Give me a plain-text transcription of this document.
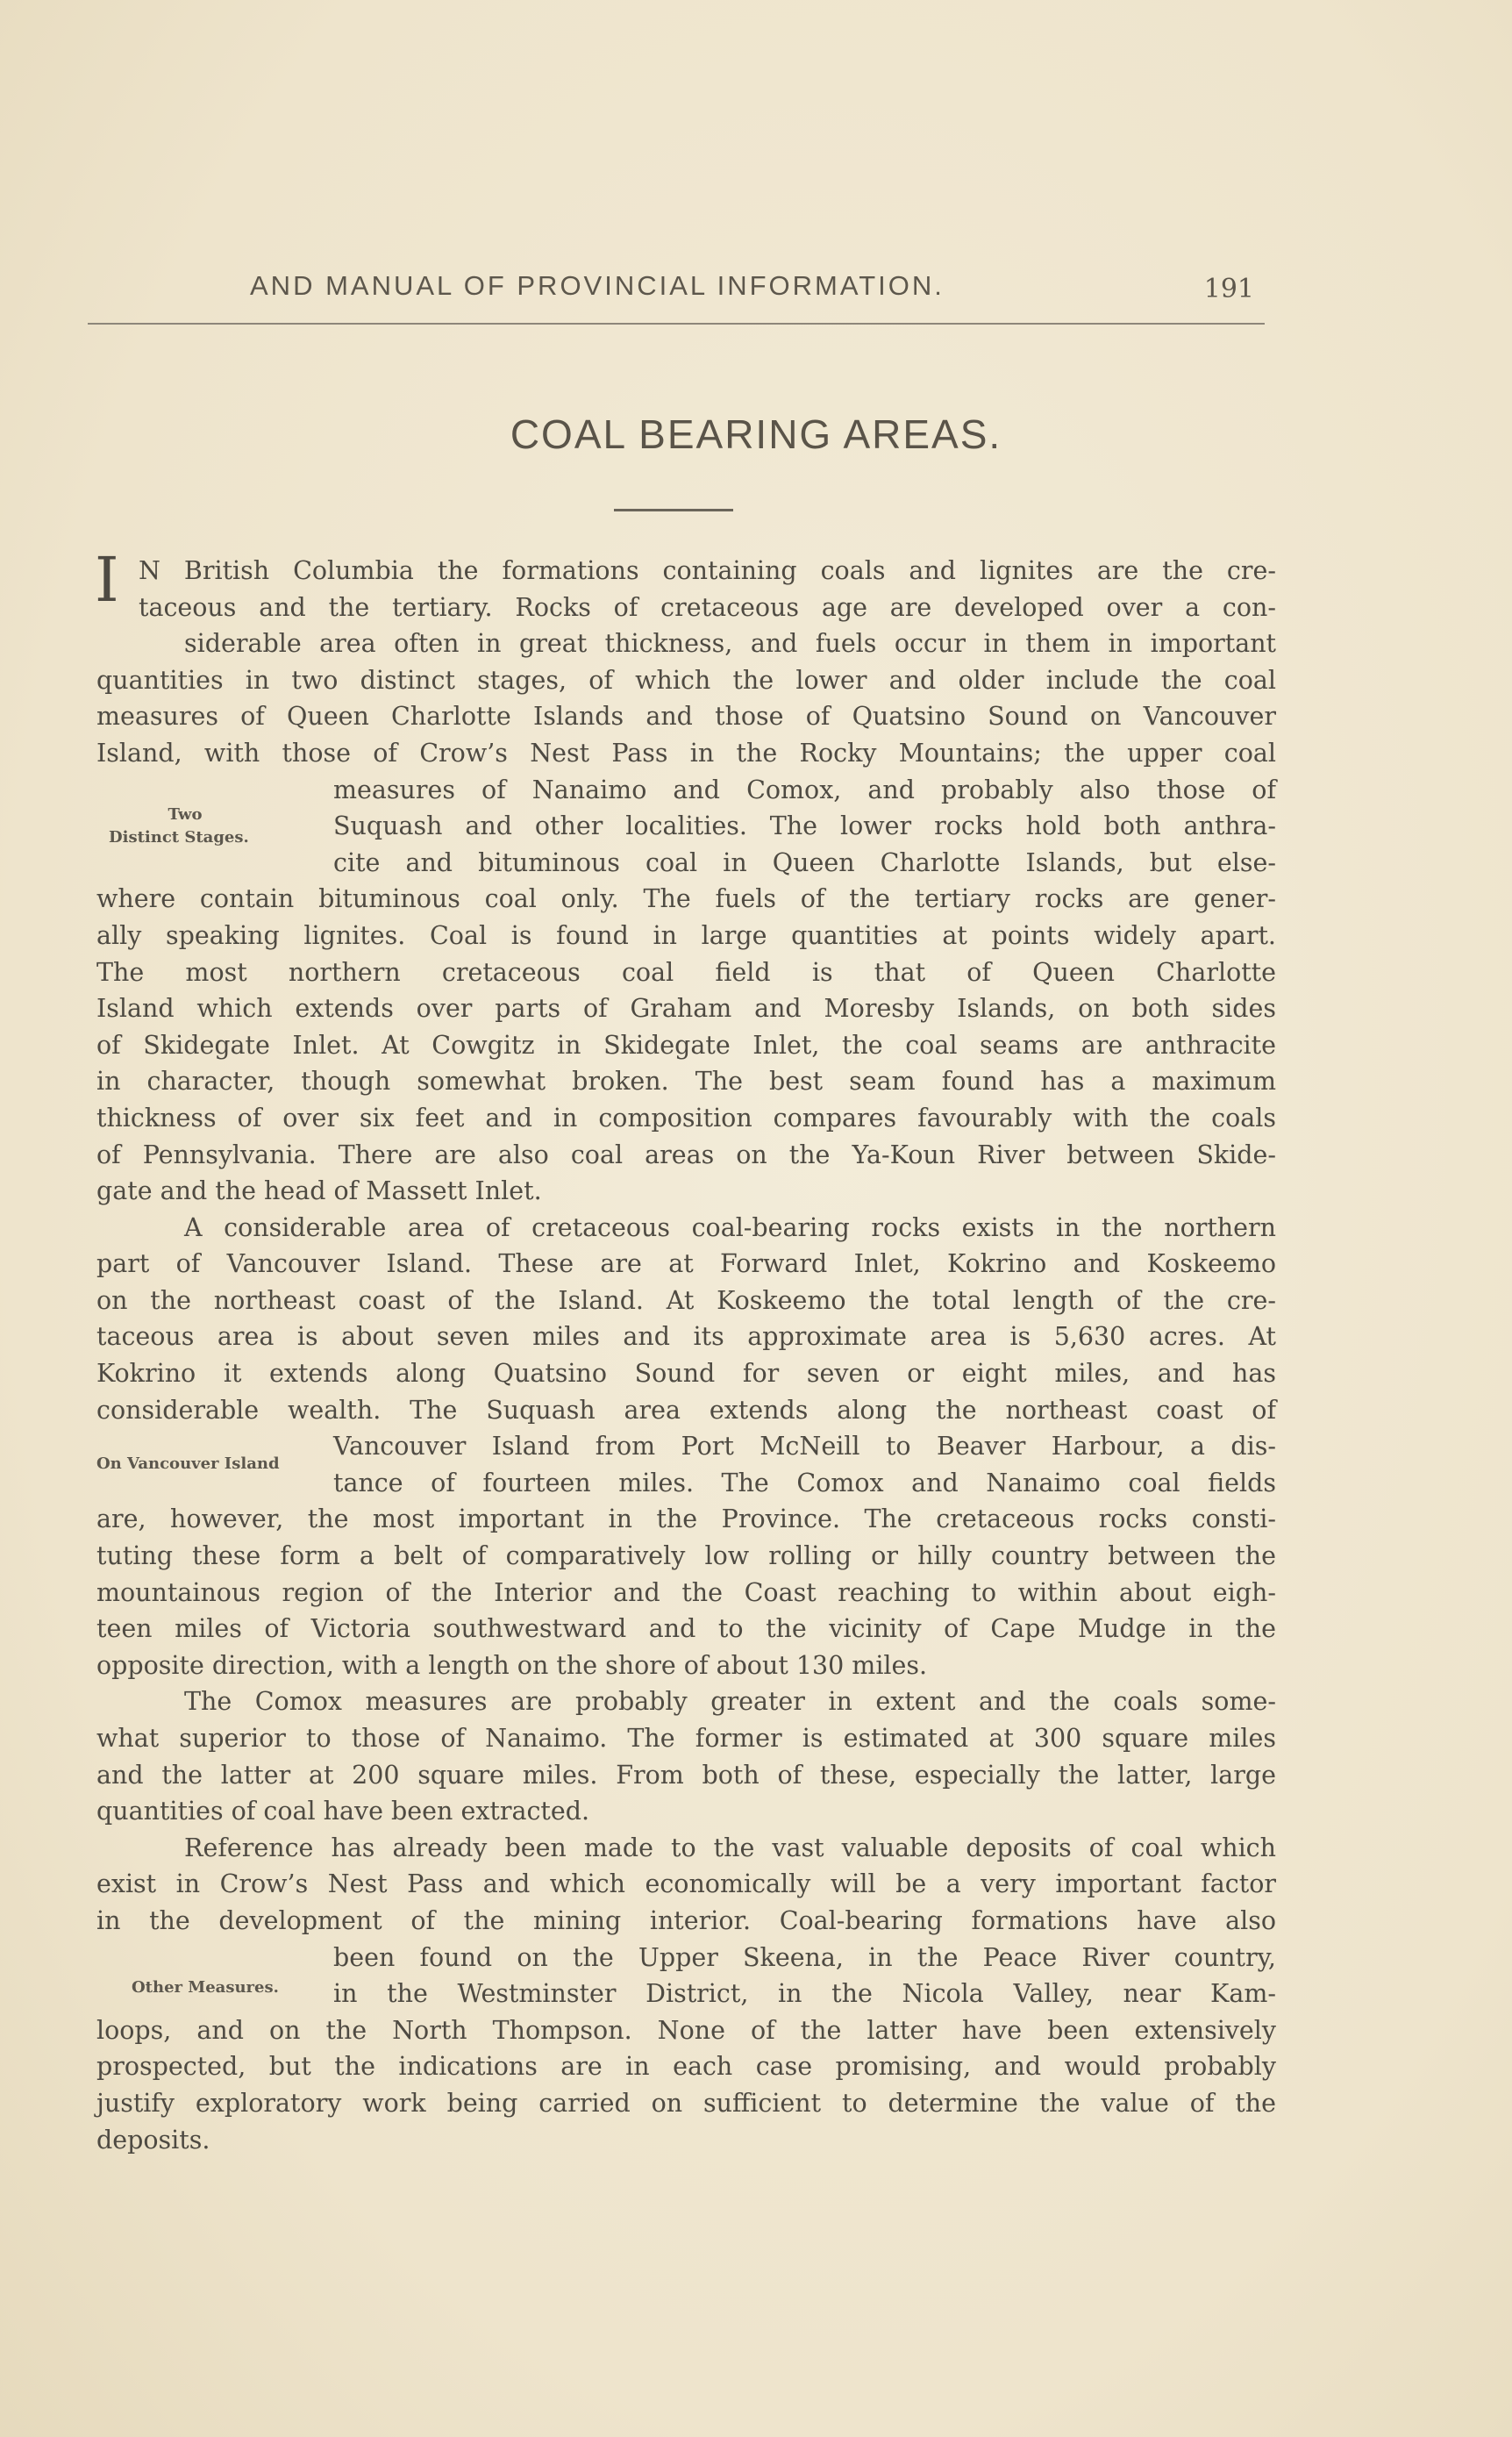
AND MANUAL OF PROVINCIAL INFORMATION.	191
COAL BEARING AREAS.
I
Two
Distinct Stages.
On Vancouver Island
Other Measures.
N British Columbia the formations containing coals and lignites are the cre-
taceous and the tertiary. Rocks of cretaceous age are developed over a con-
siderable area often in great thickness, and fuels occur in them in important
quantities in two distinct stages, of which the lower and older include the coal
measures of Queen Charlotte Islands and those of Quatsino Sound on Vancouver
Island, with those of Crow’s Nest Pass in the Rocky Mountains; the upper coal
measures of Nanaimo and Comox, and probably also those of
Suquash and other localities. The lower rocks hold both anthra-
cite and bituminous coal in Queen Charlotte Islands, but else-
where contain bituminous coal only. The fuels of the tertiary rocks are gener-
ally speaking lignites. Coal is found in large quantities at points widely apart.
The most northern cretaceous coal field is that of Queen Charlotte
Island which extends over parts of Graham and Moresby Islands, on both sides
of Skidegate Inlet. At Cowgitz in Skidegate Inlet, the coal seams are anthracite
in character, though somewhat broken. The best seam found has a maximum
thickness of over six feet and in composition compares favourably with the coals
of Pennsylvania. There are also coal areas on the Ya-Koun River between Skide-
gate and the head of Massett Inlet.
A considerable area of cretaceous coal-bearing rocks exists in the northern
part of Vancouver Island. These are at Forward Inlet, Kokrino and Koskeemo
on the northeast coast of the Island. At Koskeemo the total length of the cre-
taceous area is about seven miles and its approximate area is 5,630 acres. At
Kokrino it extends along Quatsino Sound for seven or eight miles, and has
considerable wealth. The Suquash area extends along the northeast coast of
Vancouver Island from Port McNeill to Beaver Harbour, a dis-
tance of fourteen miles. The Comox and Nanaimo coal fields
are, however, the most important in the Province. The cretaceous rocks consti-
tuting these form a belt of comparatively low rolling or hilly country between the
mountainous region of the Interior and the Coast reaching to within about eigh-
teen miles of Victoria southwestward and to the vicinity of Cape Mudge in the
opposite direction, with a length on the shore of about 130 miles.
The Comox measures are probably greater in extent and the coals some-
what superior to those of Nanaimo. The former is estimated at 300 square miles
and the latter at 200 square miles. From both of these, especially the latter, large
quantities of coal have been extracted.
Reference has already been made to the vast valuable deposits of coal which
exist in Crow’s Nest Pass and which economically will be a very important factor
in the development of the mining interior. Coal-bearing formations have also
been found on the Upper Skeena, in the Peace River country,
in the Westminster District, in the Nicola Valley, near Kam-
loops, and on the North Thompson. None of the latter have been extensively
prospected, but the indications are in each case promising, and would probably
justify exploratory work being carried on sufficient to determine the value of the
deposits.
